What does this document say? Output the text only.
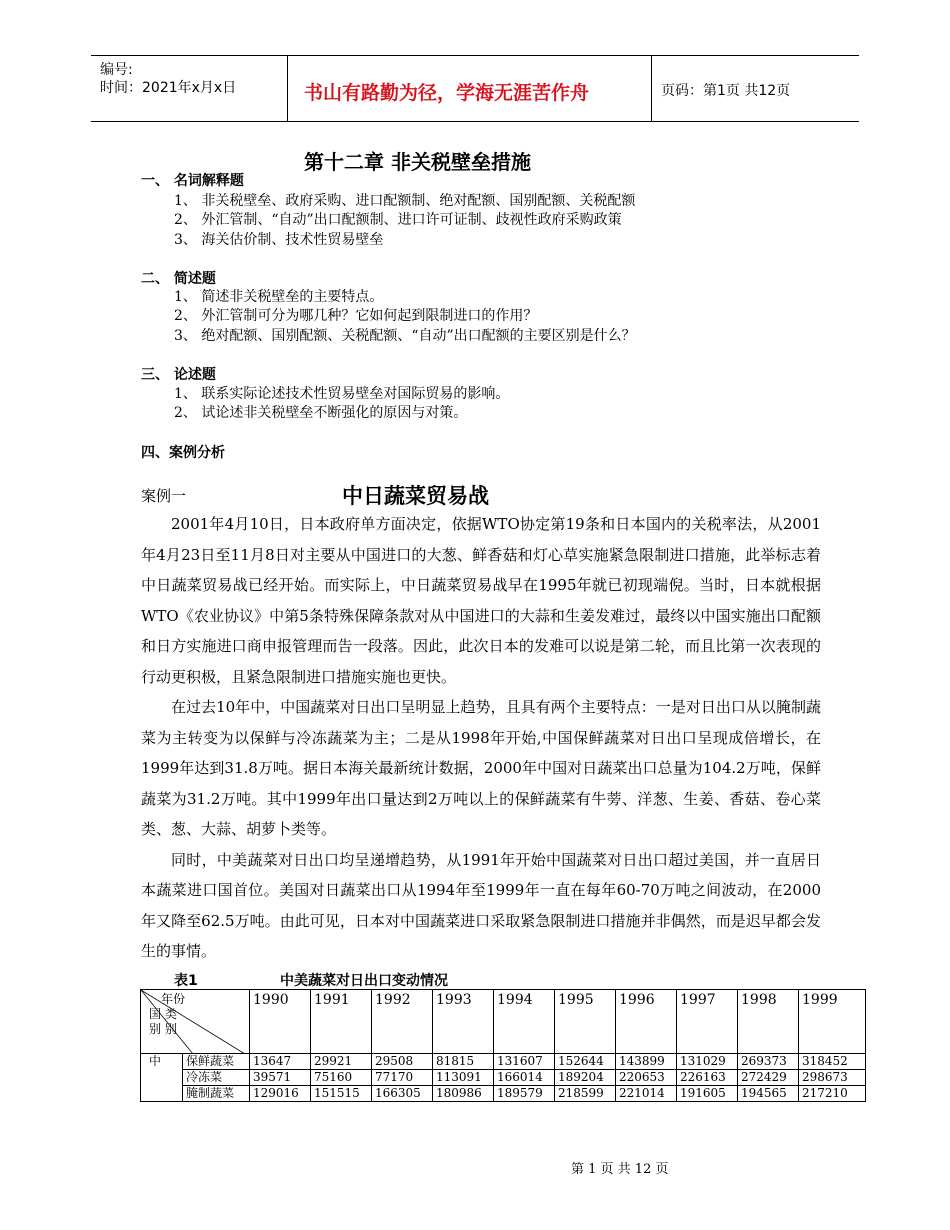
编号:
时间：2021年x月x日	书山有路勤为径，学海无涯苦作舟	页码：第1页 共12页
第十二章 非关税壁垒措施
一、 名词解释题
1、 非关税壁垒、政府采购、进口配额制、绝对配额、国别配额、关税配额
2、 外汇管制、“自动”出口配额制、进口许可证制、歧视性政府采购政策
3、 海关估价制、技术性贸易壁垒
二、 简述题
1、 简述非关税壁垒的主要特点。
2、 外汇管制可分为哪几种？它如何起到限制进口的作用？
3、 绝对配额、国别配额、关税配额、“自动”出口配额的主要区别是什么？
三、 论述题
1、 联系实际论述技术性贸易壁垒对国际贸易的影响。
2、 试论述非关税壁垒不断强化的原因与对策。
四、案例分析
案例一	中日蔬菜贸易战

2001年4月10日，日本政府单方面决定，依据WTO协定第19条和日本国内的关税率法，从2001年4月23日至11月8日对主要从中国进口的大葱、鲜香菇和灯心草实施紧急限制进口措施，此举标志着中日蔬菜贸易战已经开始。而实际上，中日蔬菜贸易战早在1995年就已初现端倪。当时，日本就根据WTO《农业协议》中第5条特殊保障条款对从中国进口的大蒜和生姜发难过，最终以中国实施出口配额和日方实施进口商申报管理而告一段落。因此，此次日本的发难可以说是第二轮，而且比第一次表现的行动更积极，且紧急限制进口措施实施也更快。

在过去10年中，中国蔬菜对日出口呈明显上趋势，且具有两个主要特点：一是对日出口从以腌制蔬菜为主转变为以保鲜与冷冻蔬菜为主；二是从1998年开始,中国保鲜蔬菜对日出口呈现成倍增长，在1999年达到31.8万吨。据日本海关最新统计数据，2000年中国对日蔬菜出口总量为104.2万吨，保鲜蔬菜为31.2万吨。其中1999年出口量达到2万吨以上的保鲜蔬菜有牛蒡、洋葱、生姜、香菇、卷心菜类、葱、大蒜、胡萝卜类等。

同时，中美蔬菜对日出口均呈递增趋势，从1991年开始中国蔬菜对日出口超过美国，并一直居日本蔬菜进口国首位。美国对日蔬菜出口从1994年至1999年一直在每年60-70万吨之间波动，在2000年又降至62.5万吨。由此可见，日本对中国蔬菜进口采取紧急限制进口措施并非偶然，而是迟早都会发生的事情。

表1	中美蔬菜对日出口变动情况
年份
国 类
别 别		1990	1991	1992	1993	1994	1995	1996	1997	1998	1999
中	保鲜蔬菜	13647	29921	29508	81815	131607	152644	143899	131029	269373	318452
	冷冻菜	39571	75160	77170	113091	166014	189204	220653	226163	272429	298673
	腌制蔬菜	129016	151515	166305	180986	189579	218599	221014	191605	194565	217210
第 1 页 共 12 页
